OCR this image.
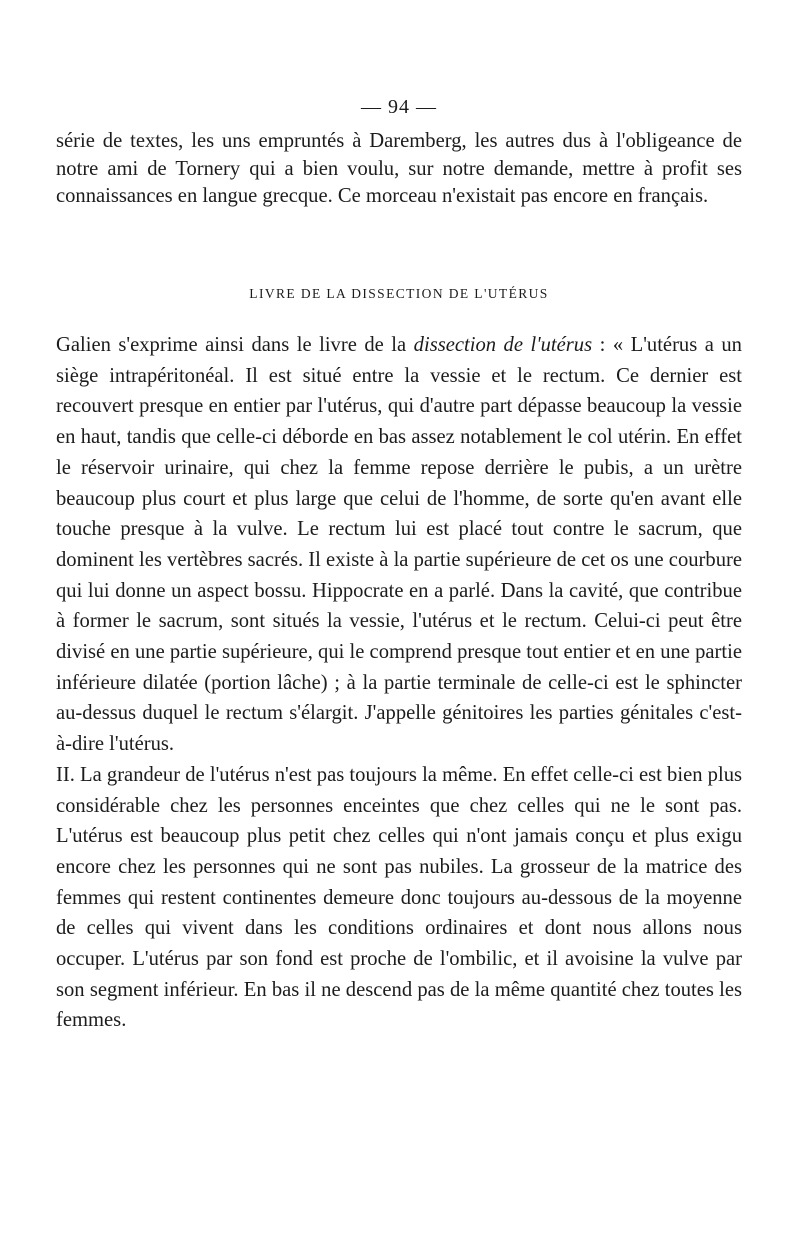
— 94 —

série de textes, les uns empruntés à Daremberg, les autres dus à l'obligeance de notre ami de Tornery qui a bien voulu, sur notre demande, mettre à profit ses connaissances en langue grecque. Ce morceau n'existait pas encore en français.

LIVRE DE LA DISSECTION DE L'UTÉRUS

Galien s'exprime ainsi dans le livre de la dissection de l'utérus : « L'utérus a un siège intrapéritonéal. Il est situé entre la vessie et le rectum. Ce dernier est recouvert presque en entier par l'utérus, qui d'autre part dépasse beaucoup la vessie en haut, tandis que celle-ci déborde en bas assez notablement le col utérin. En effet le réservoir urinaire, qui chez la femme repose derrière le pubis, a un urètre beaucoup plus court et plus large que celui de l'homme, de sorte qu'en avant elle touche presque à la vulve. Le rectum lui est placé tout contre le sacrum, que dominent les vertèbres sacrés. Il existe à la partie supérieure de cet os une courbure qui lui donne un aspect bossu. Hippocrate en a parlé. Dans la cavité, que contribue à former le sacrum, sont situés la vessie, l'utérus et le rectum. Celui-ci peut être divisé en une partie supérieure, qui le comprend presque tout entier et en une partie inférieure dilatée (portion lâche) ; à la partie terminale de celle-ci est le sphincter au-dessus duquel le rectum s'élargit. J'appelle génitoires les parties génitales c'est-à-dire l'utérus.

II. La grandeur de l'utérus n'est pas toujours la même. En effet celle-ci est bien plus considérable chez les personnes enceintes que chez celles qui ne le sont pas. L'utérus est beaucoup plus petit chez celles qui n'ont jamais conçu et plus exigu encore chez les personnes qui ne sont pas nubiles. La grosseur de la matrice des femmes qui restent continentes demeure donc toujours au-dessous de la moyenne de celles qui vivent dans les conditions ordinaires et dont nous allons nous occuper. L'utérus par son fond est proche de l'ombilic, et il avoisine la vulve par son segment inférieur. En bas il ne descend pas de la même quantité chez toutes les femmes.
